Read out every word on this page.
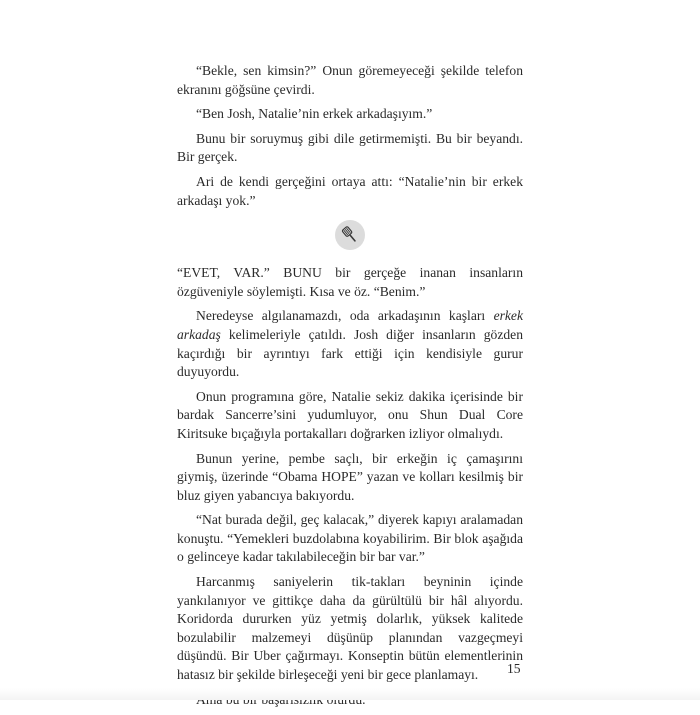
“Bekle, sen kimsin?” Onun göremeyeceği şekilde telefon ekranını göğsüne çevirdi.

“Ben Josh, Natalie’nin erkek arkadaşıyım.”

Bunu bir soruymuş gibi dile getirmemişti. Bu bir beyandı. Bir gerçek.

Ari de kendi gerçeğini ortaya attı: “Natalie’nin bir erkek arkadaşı yok.”

“EVET, VAR.” BUNU bir gerçeğe inanan insanların özgüveniyle söylemişti. Kısa ve öz. “Benim.”

Neredeyse algılanamazdı, oda arkadaşının kaşları erkek arkadaş kelimeleriyle çatıldı. Josh diğer insanların gözden kaçırdığı bir ayrıntıyı fark ettiği için kendisiyle gurur duyuyordu.

Onun programına göre, Natalie sekiz dakika içerisinde bir bardak Sancerre’sini yudumluyor, onu Shun Dual Core Kiritsuke bıçağıyla portakalları doğrarken izliyor olmalıydı.

Bunun yerine, pembe saçlı, bir erkeğin iç çamaşırını giymiş, üzerinde “Obama HOPE” yazan ve kolları kesilmiş bir bluz giyen yabancıya bakıyordu.

“Nat burada değil, geç kalacak,” diyerek kapıyı aralamadan konuştu. “Yemekleri buzdolabına koyabilirim. Bir blok aşağıda o gelinceye kadar takılabileceğin bir bar var.”

Harcanmış saniyelerin tik-takları beyninin içinde yankılanıyor ve gittikçe daha da gürültülü bir hâl alıyordu. Koridorda dururken yüz yetmiş dolarlık, yüksek kalitede bozulabilir malzemeyi düşünüp planından vazgeçmeyi düşündü. Bir Uber çağırmayı. Konseptin bütün elementlerinin hatasız bir şekilde birleşeceği yeni bir gece planlamayı.	15
